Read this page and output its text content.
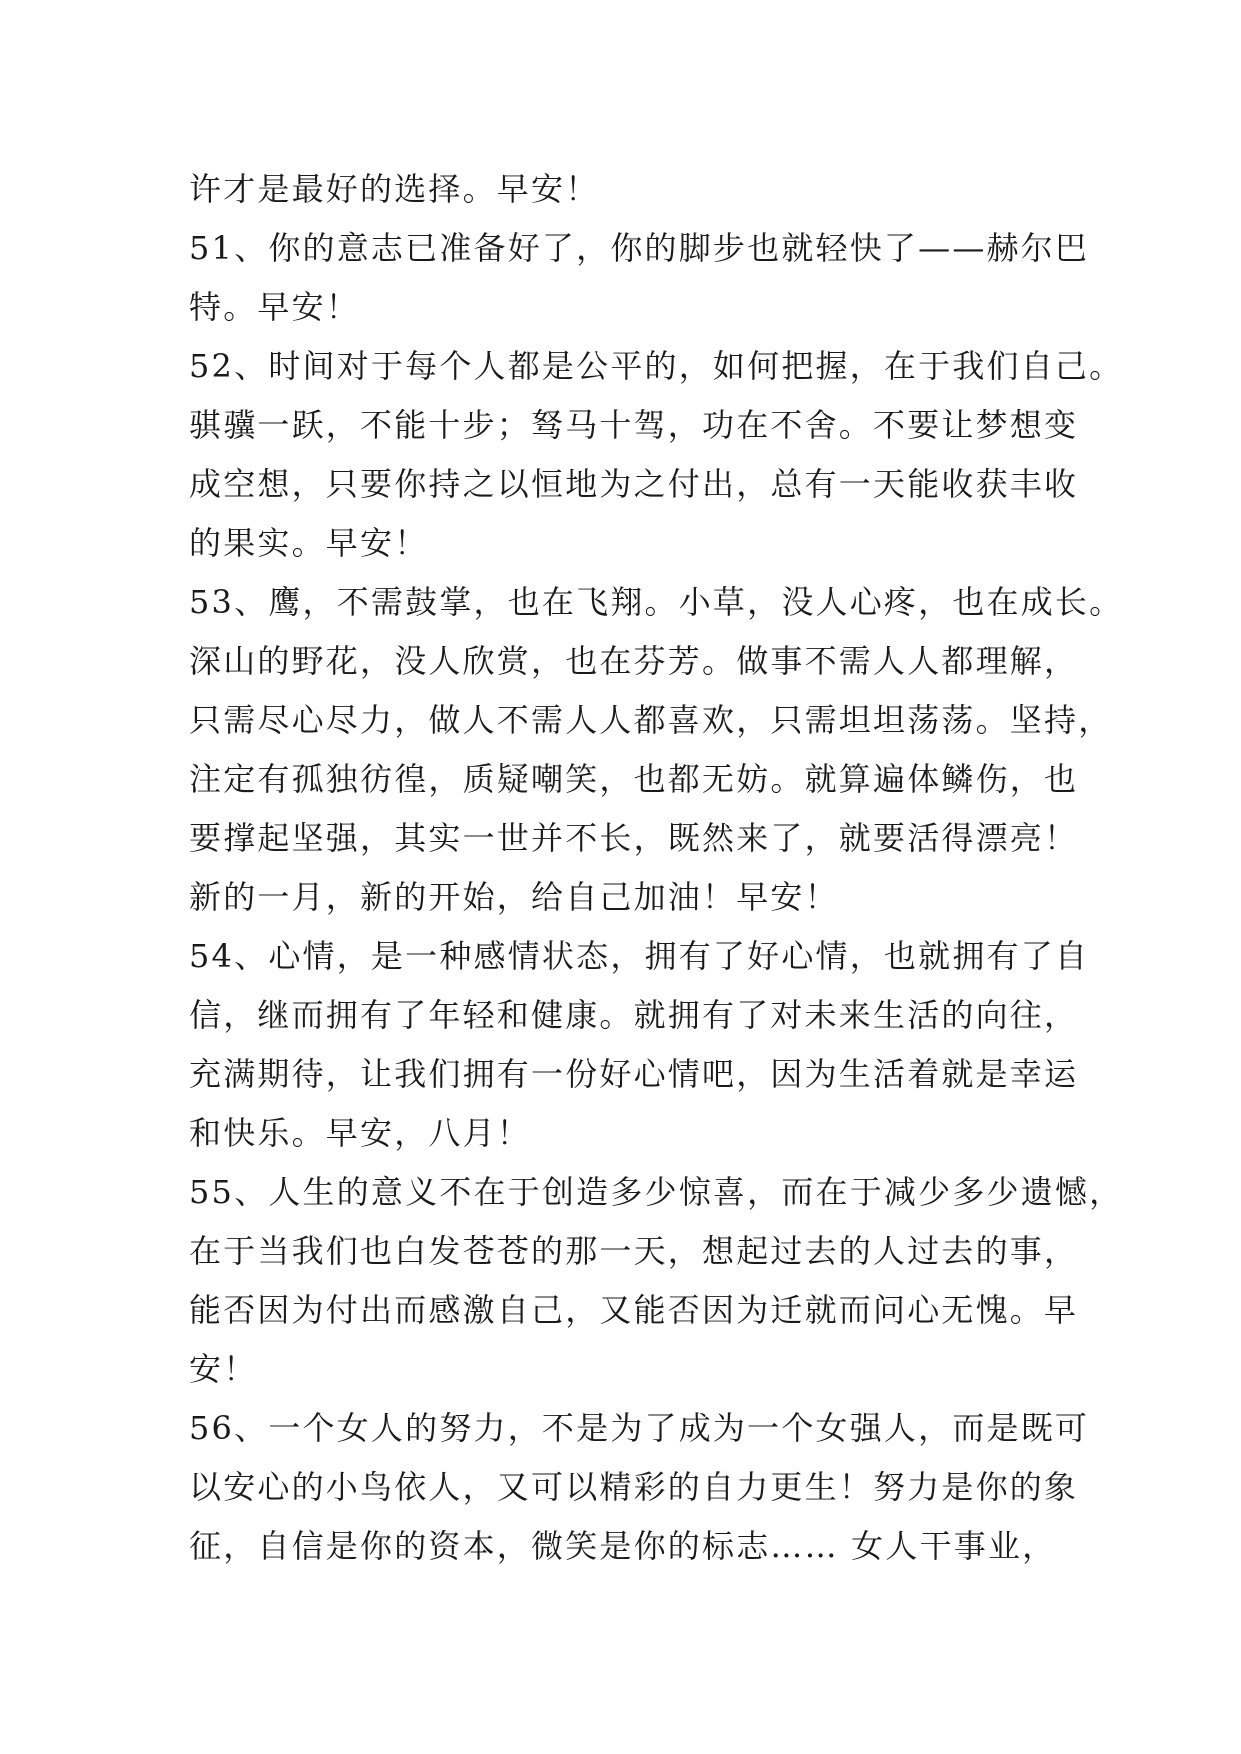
许才是最好的选择。早安！
51、你的意志已准备好了，你的脚步也就轻快了——赫尔巴
特。早安！
52、时间对于每个人都是公平的，如何把握，在于我们自己。
骐骥一跃，不能十步；驽马十驾，功在不舍。不要让梦想变
成空想，只要你持之以恒地为之付出，总有一天能收获丰收
的果实。早安！
53、鹰，不需鼓掌，也在飞翔。小草，没人心疼，也在成长。
深山的野花，没人欣赏，也在芬芳。做事不需人人都理解，
只需尽心尽力，做人不需人人都喜欢，只需坦坦荡荡。坚持，
注定有孤独彷徨，质疑嘲笑，也都无妨。就算遍体鳞伤，也
要撑起坚强，其实一世并不长，既然来了，就要活得漂亮！
新的一月，新的开始，给自己加油！早安！
54、心情，是一种感情状态，拥有了好心情，也就拥有了自
信，继而拥有了年轻和健康。就拥有了对未来生活的向往，
充满期待，让我们拥有一份好心情吧，因为生活着就是幸运
和快乐。早安，八月！
55、人生的意义不在于创造多少惊喜，而在于减少多少遗憾，
在于当我们也白发苍苍的那一天，想起过去的人过去的事，
能否因为付出而感激自己，又能否因为迁就而问心无愧。早
安！
56、一个女人的努力，不是为了成为一个女强人，而是既可
以安心的小鸟依人，又可以精彩的自力更生！努力是你的象
征，自信是你的资本，微笑是你的标志…… 女人干事业，
